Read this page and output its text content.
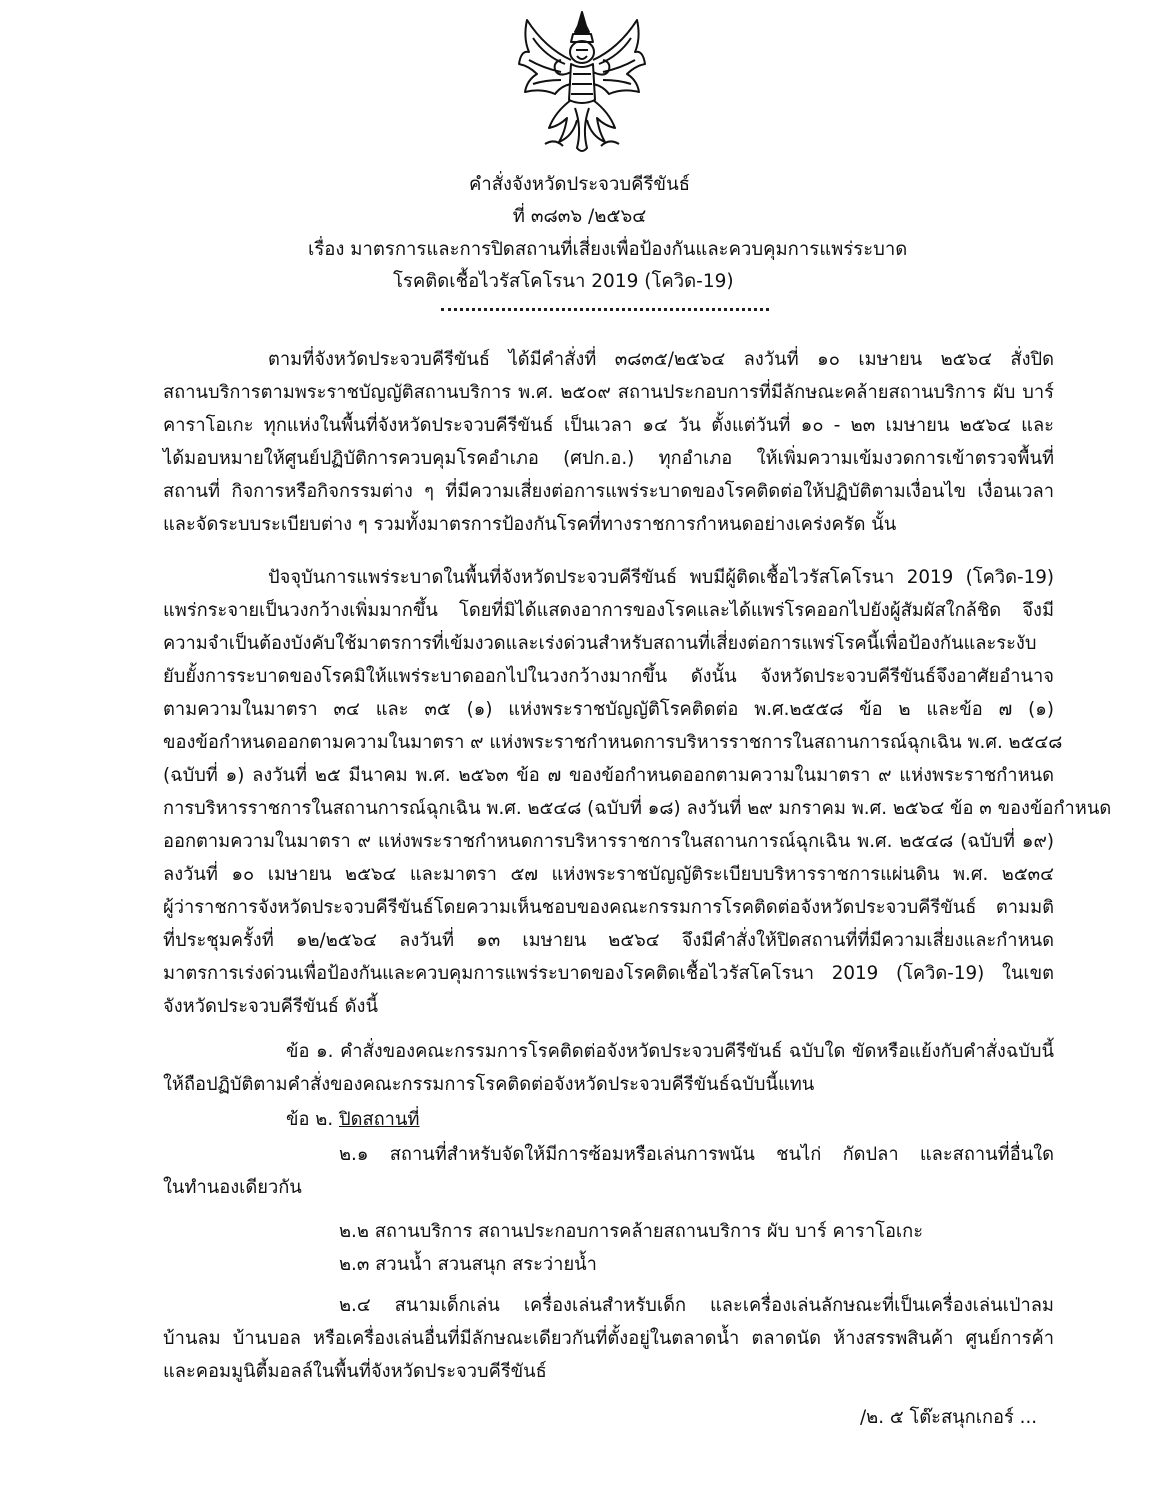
คำสั่งจังหวัดประจวบคีรีขันธ์
ที่ ๓๘๓๖ /๒๕๖๔
เรื่อง มาตรการและการปิดสถานที่เสี่ยงเพื่อป้องกันและควบคุมการแพร่ระบาด
โรคติดเชื้อไวรัสโคโรนา 2019 (โควิด-19)
ตามที่จังหวัดประจวบคีรีขันธ์ ได้มีคำสั่งที่ ๓๘๓๕/๒๕๖๔ ลงวันที่ ๑๐ เมษายน ๒๕๖๔ สั่งปิด
สถานบริการตามพระราชบัญญัติสถานบริการ พ.ศ. ๒๕๐๙ สถานประกอบการที่มีลักษณะคล้ายสถานบริการ ผับ บาร์
คาราโอเกะ ทุกแห่งในพื้นที่จังหวัดประจวบคีรีขันธ์ เป็นเวลา ๑๔ วัน ตั้งแต่วันที่ ๑๐ - ๒๓ เมษายน ๒๕๖๔ และ
ได้มอบหมายให้ศูนย์ปฏิบัติการควบคุมโรคอำเภอ (ศปก.อ.) ทุกอำเภอ ให้เพิ่มความเข้มงวดการเข้าตรวจพื้นที่
สถานที่ กิจการหรือกิจกรรมต่าง ๆ ที่มีความเสี่ยงต่อการแพร่ระบาดของโรคติดต่อให้ปฏิบัติตามเงื่อนไข เงื่อนเวลา
และจัดระบบระเบียบต่าง ๆ รวมทั้งมาตรการป้องกันโรคที่ทางราชการกำหนดอย่างเคร่งครัด นั้น
ปัจจุบันการแพร่ระบาดในพื้นที่จังหวัดประจวบคีรีขันธ์ พบมีผู้ติดเชื้อไวรัสโคโรนา 2019 (โควิด-19)
แพร่กระจายเป็นวงกว้างเพิ่มมากขึ้น โดยที่มิได้แสดงอาการของโรคและได้แพร่โรคออกไปยังผู้สัมผัสใกล้ชิด จึงมี
ความจำเป็นต้องบังคับใช้มาตรการที่เข้มงวดและเร่งด่วนสำหรับสถานที่เสี่ยงต่อการแพร่โรคนี้เพื่อป้องกันและระงับ
ยับยั้งการระบาดของโรคมิให้แพร่ระบาดออกไปในวงกว้างมากขึ้น ดังนั้น จังหวัดประจวบคีรีขันธ์จึงอาศัยอำนาจ
ตามความในมาตรา ๓๔ และ ๓๕ (๑) แห่งพระราชบัญญัติโรคติดต่อ พ.ศ.๒๕๕๘ ข้อ ๒ และข้อ ๗ (๑)
ของข้อกำหนดออกตามความในมาตรา ๙ แห่งพระราชกำหนดการบริหารราชการในสถานการณ์ฉุกเฉิน พ.ศ. ๒๕๔๘
(ฉบับที่ ๑) ลงวันที่ ๒๕ มีนาคม พ.ศ. ๒๕๖๓ ข้อ ๗ ของข้อกำหนดออกตามความในมาตรา ๙ แห่งพระราชกำหนด
การบริหารราชการในสถานการณ์ฉุกเฉิน พ.ศ. ๒๕๔๘ (ฉบับที่ ๑๘) ลงวันที่ ๒๙ มกราคม พ.ศ. ๒๕๖๔ ข้อ ๓ ของข้อกำหนด
ออกตามความในมาตรา ๙ แห่งพระราชกำหนดการบริหารราชการในสถานการณ์ฉุกเฉิน พ.ศ. ๒๕๔๘ (ฉบับที่ ๑๙)
ลงวันที่ ๑๐ เมษายน ๒๕๖๔ และมาตรา ๕๗ แห่งพระราชบัญญัติระเบียบบริหารราชการแผ่นดิน พ.ศ. ๒๕๓๔
ผู้ว่าราชการจังหวัดประจวบคีรีขันธ์โดยความเห็นชอบของคณะกรรมการโรคติดต่อจังหวัดประจวบคีรีขันธ์ ตามมติ
ที่ประชุมครั้งที่ ๑๒/๒๕๖๔ ลงวันที่ ๑๓ เมษายน ๒๕๖๔ จึงมีคำสั่งให้ปิดสถานที่ที่มีความเสี่ยงและกำหนด
มาตรการเร่งด่วนเพื่อป้องกันและควบคุมการแพร่ระบาดของโรคติดเชื้อไวรัสโคโรนา 2019 (โควิด-19) ในเขต
จังหวัดประจวบคีรีขันธ์ ดังนี้
ข้อ ๑. คำสั่งของคณะกรรมการโรคติดต่อจังหวัดประจวบคีรีขันธ์ ฉบับใด ขัดหรือแย้งกับคำสั่งฉบับนี้
ให้ถือปฏิบัติตามคำสั่งของคณะกรรมการโรคติดต่อจังหวัดประจวบคีรีขันธ์ฉบับนี้แทน
ข้อ ๒. ปิดสถานที่
๒.๑ สถานที่สำหรับจัดให้มีการซ้อมหรือเล่นการพนัน ชนไก่ กัดปลา และสถานที่อื่นใด
ในทำนองเดียวกัน
๒.๒ สถานบริการ สถานประกอบการคล้ายสถานบริการ ผับ บาร์ คาราโอเกะ
๒.๓ สวนน้ำ สวนสนุก สระว่ายน้ำ
๒.๔ สนามเด็กเล่น เครื่องเล่นสำหรับเด็ก และเครื่องเล่นลักษณะที่เป็นเครื่องเล่นเป่าลม
บ้านลม บ้านบอล หรือเครื่องเล่นอื่นที่มีลักษณะเดียวกันที่ตั้งอยู่ในตลาดน้ำ ตลาดนัด ห้างสรรพสินค้า ศูนย์การค้า
และคอมมูนิตี้มอลล์ในพื้นที่จังหวัดประจวบคีรีขันธ์
/๒. ๕ โต๊ะสนุกเกอร์ ...
